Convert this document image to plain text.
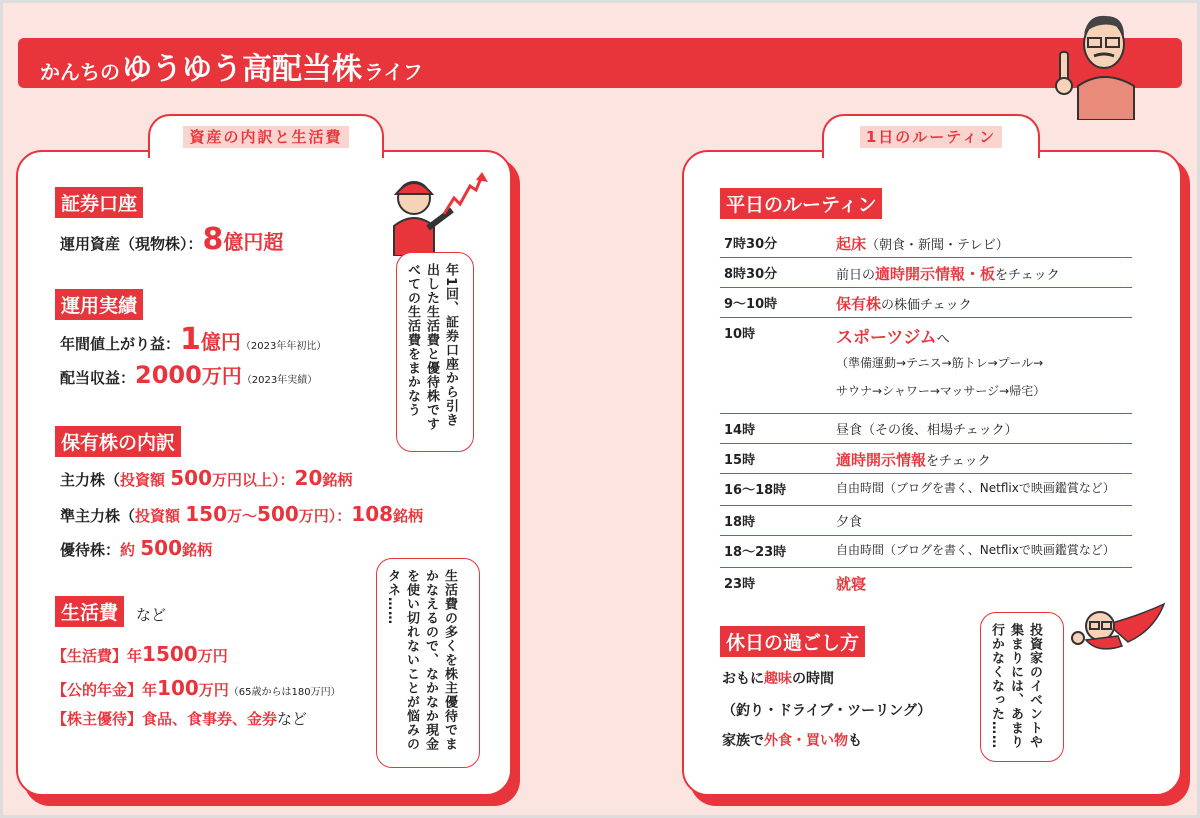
かんちの ゆうゆう高配当株 ライフ
資産の内訳と生活費
証券口座
運用資産（現物株）：8億円超
運用実績
年間値上がり益：1億円（2023年年初比）
配当収益：2000万円（2023年実績）
保有株の内訳
主力株（投資額 500万円以上）：20銘柄
準主力株（投資額 150万～500万円）：108銘柄
優待株：約 500銘柄
生活費	など
【生活費】年1500万円
【公的年金】年100万円（65歳からは180万円）
【株主優待】食品、食事券、金券など
年1回、証券口座から引き出した生活費と優待株ですべての生活費をまかなう
生活費の多くを株主優待でまかなえるので、なかなか現金を使い切れないことが悩みのタネ……
1日のルーティン
平日のルーティン
7時30分	起床（朝食・新聞・テレビ）
8時30分	前日の適時開示情報・板をチェック
9～10時	保有株の株価チェック
10時	スポーツジムへ
（準備運動→テニス→筋トレ→プール→
サウナ→シャワー→マッサージ→帰宅）
14時	昼食（その後、相場チェック）
15時	適時開示情報をチェック
16～18時	自由時間（ブログを書く、Netflixで映画鑑賞など）
18時	夕食
18～23時	自由時間（ブログを書く、Netflixで映画鑑賞など）
23時	就寝
休日の過ごし方
おもに趣味の時間
（釣り・ドライブ・ツーリング）
家族で外食・買い物も	投資家のイベントや集まりには、あまり行かなくなった……
